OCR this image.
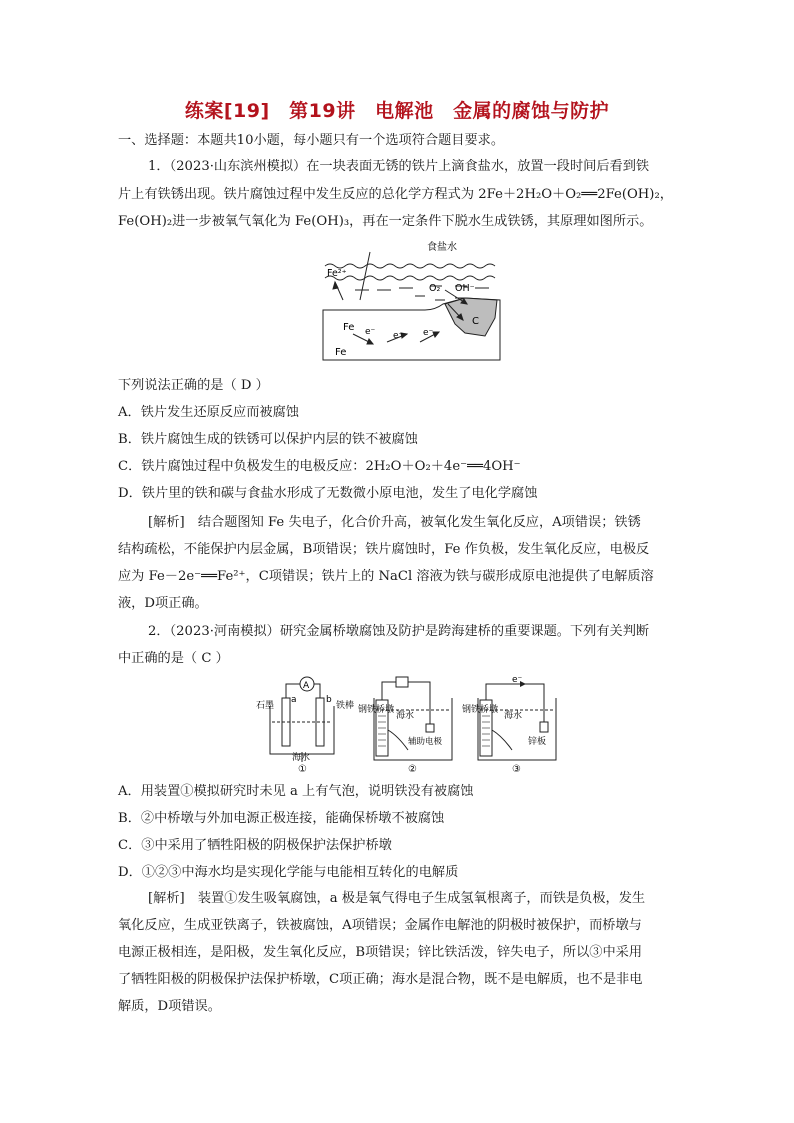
练案[19]　第19讲　电解池　金属的腐蚀与防护
一、选择题：本题共10小题，每小题只有一个选项符合题目要求。
1．（2023·山东滨州模拟）在一块表面无锈的铁片上滴食盐水，放置一段时间后看到铁
片上有铁锈出现。铁片腐蚀过程中发生反应的总化学方程式为 2Fe＋2H₂O＋O₂══2Fe(OH)₂，
Fe(OH)₂进一步被氧气氧化为 Fe(OH)₃，再在一定条件下脱水生成铁锈，其原理如图所示。
食盐水
Fe²⁺
O₂ OH⁻
Fe
Fe
C
e⁻ e⁻ e⁻
下列说法正确的是（ D ）
A．铁片发生还原反应而被腐蚀
B．铁片腐蚀生成的铁锈可以保护内层的铁不被腐蚀
C．铁片腐蚀过程中负极发生的电极反应：2H₂O＋O₂＋4e⁻══4OH⁻
D．铁片里的铁和碳与食盐水形成了无数微小原电池，发生了电化学腐蚀
[解析]　结合题图知 Fe 失电子，化合价升高，被氧化发生氧化反应，A项错误；铁锈
结构疏松，不能保护内层金属，B项错误；铁片腐蚀时，Fe 作负极，发生氧化反应，电极反
应为 Fe－2e⁻══Fe²⁺，C项错误；铁片上的 NaCl 溶液为铁与碳形成原电池提供了电解质溶
液，D项正确。
2．（2023·河南模拟）研究金属桥墩腐蚀及防护是跨海建桥的重要课题。下列有关判断
中正确的是（ C ）
A
石墨
a	b
铁棒
海水
①
钢铁桥墩
海水
辅助电极
②
e⁻
钢铁桥墩
海水
锌板
③
A．用装置①模拟研究时未见 a 上有气泡，说明铁没有被腐蚀
B．②中桥墩与外加电源正极连接，能确保桥墩不被腐蚀
C．③中采用了牺牲阳极的阴极保护法保护桥墩
D．①②③中海水均是实现化学能与电能相互转化的电解质
[解析]　装置①发生吸氧腐蚀，a 极是氧气得电子生成氢氧根离子，而铁是负极，发生
氧化反应，生成亚铁离子，铁被腐蚀，A项错误；金属作电解池的阴极时被保护，而桥墩与
电源正极相连，是阳极，发生氧化反应，B项错误；锌比铁活泼，锌失电子，所以③中采用
了牺牲阳极的阴极保护法保护桥墩，C项正确；海水是混合物，既不是电解质，也不是非电
解质，D项错误。
